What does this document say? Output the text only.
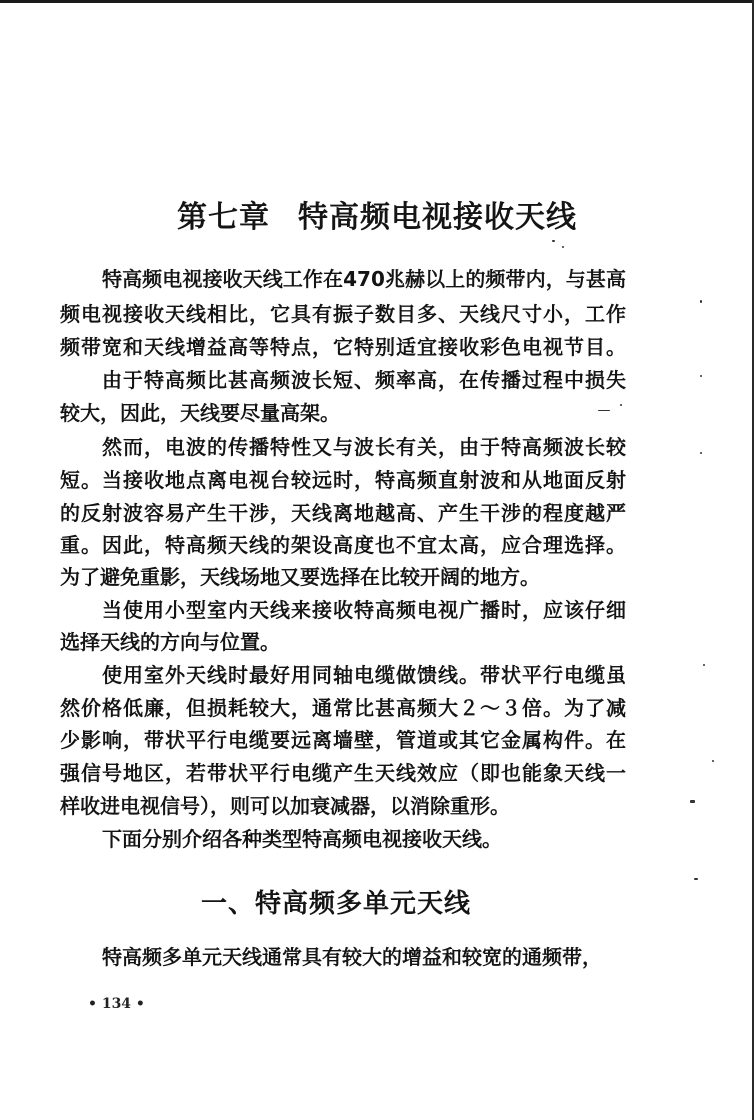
第七章 特高频电视接收天线
特高频电视接收天线工作在470兆赫以上的频带内，与甚高
频电视接收天线相比，它具有振子数目多、天线尺寸小，工作
频带宽和天线增益高等特点，它特别适宜接收彩色电视节目。
由于特高频比甚高频波长短、频率高，在传播过程中损失
较大，因此，天线要尽量高架。
然而，电波的传播特性又与波长有关，由于特高频波长较
短。当接收地点离电视台较远时，特高频直射波和从地面反射
的反射波容易产生干涉，天线离地越高、产生干涉的程度越严
重。因此，特高频天线的架设高度也不宜太高，应合理选择。
为了避免重影，天线场地又要选择在比较开阔的地方。
当使用小型室内天线来接收特高频电视广播时，应该仔细
选择天线的方向与位置。
使用室外天线时最好用同轴电缆做馈线。带状平行电缆虽
然价格低廉，但损耗较大，通常比甚高频大２～３倍。为了减
少影响，带状平行电缆要远离墙壁，管道或其它金属构件。在
强信号地区，若带状平行电缆产生天线效应（即也能象天线一
样收进电视信号），则可以加衰减器，以消除重形。
下面分别介绍各种类型特高频电视接收天线。
一、特高频多单元天线
特高频多单元天线通常具有较大的增益和较宽的通频带，
• 134 •
